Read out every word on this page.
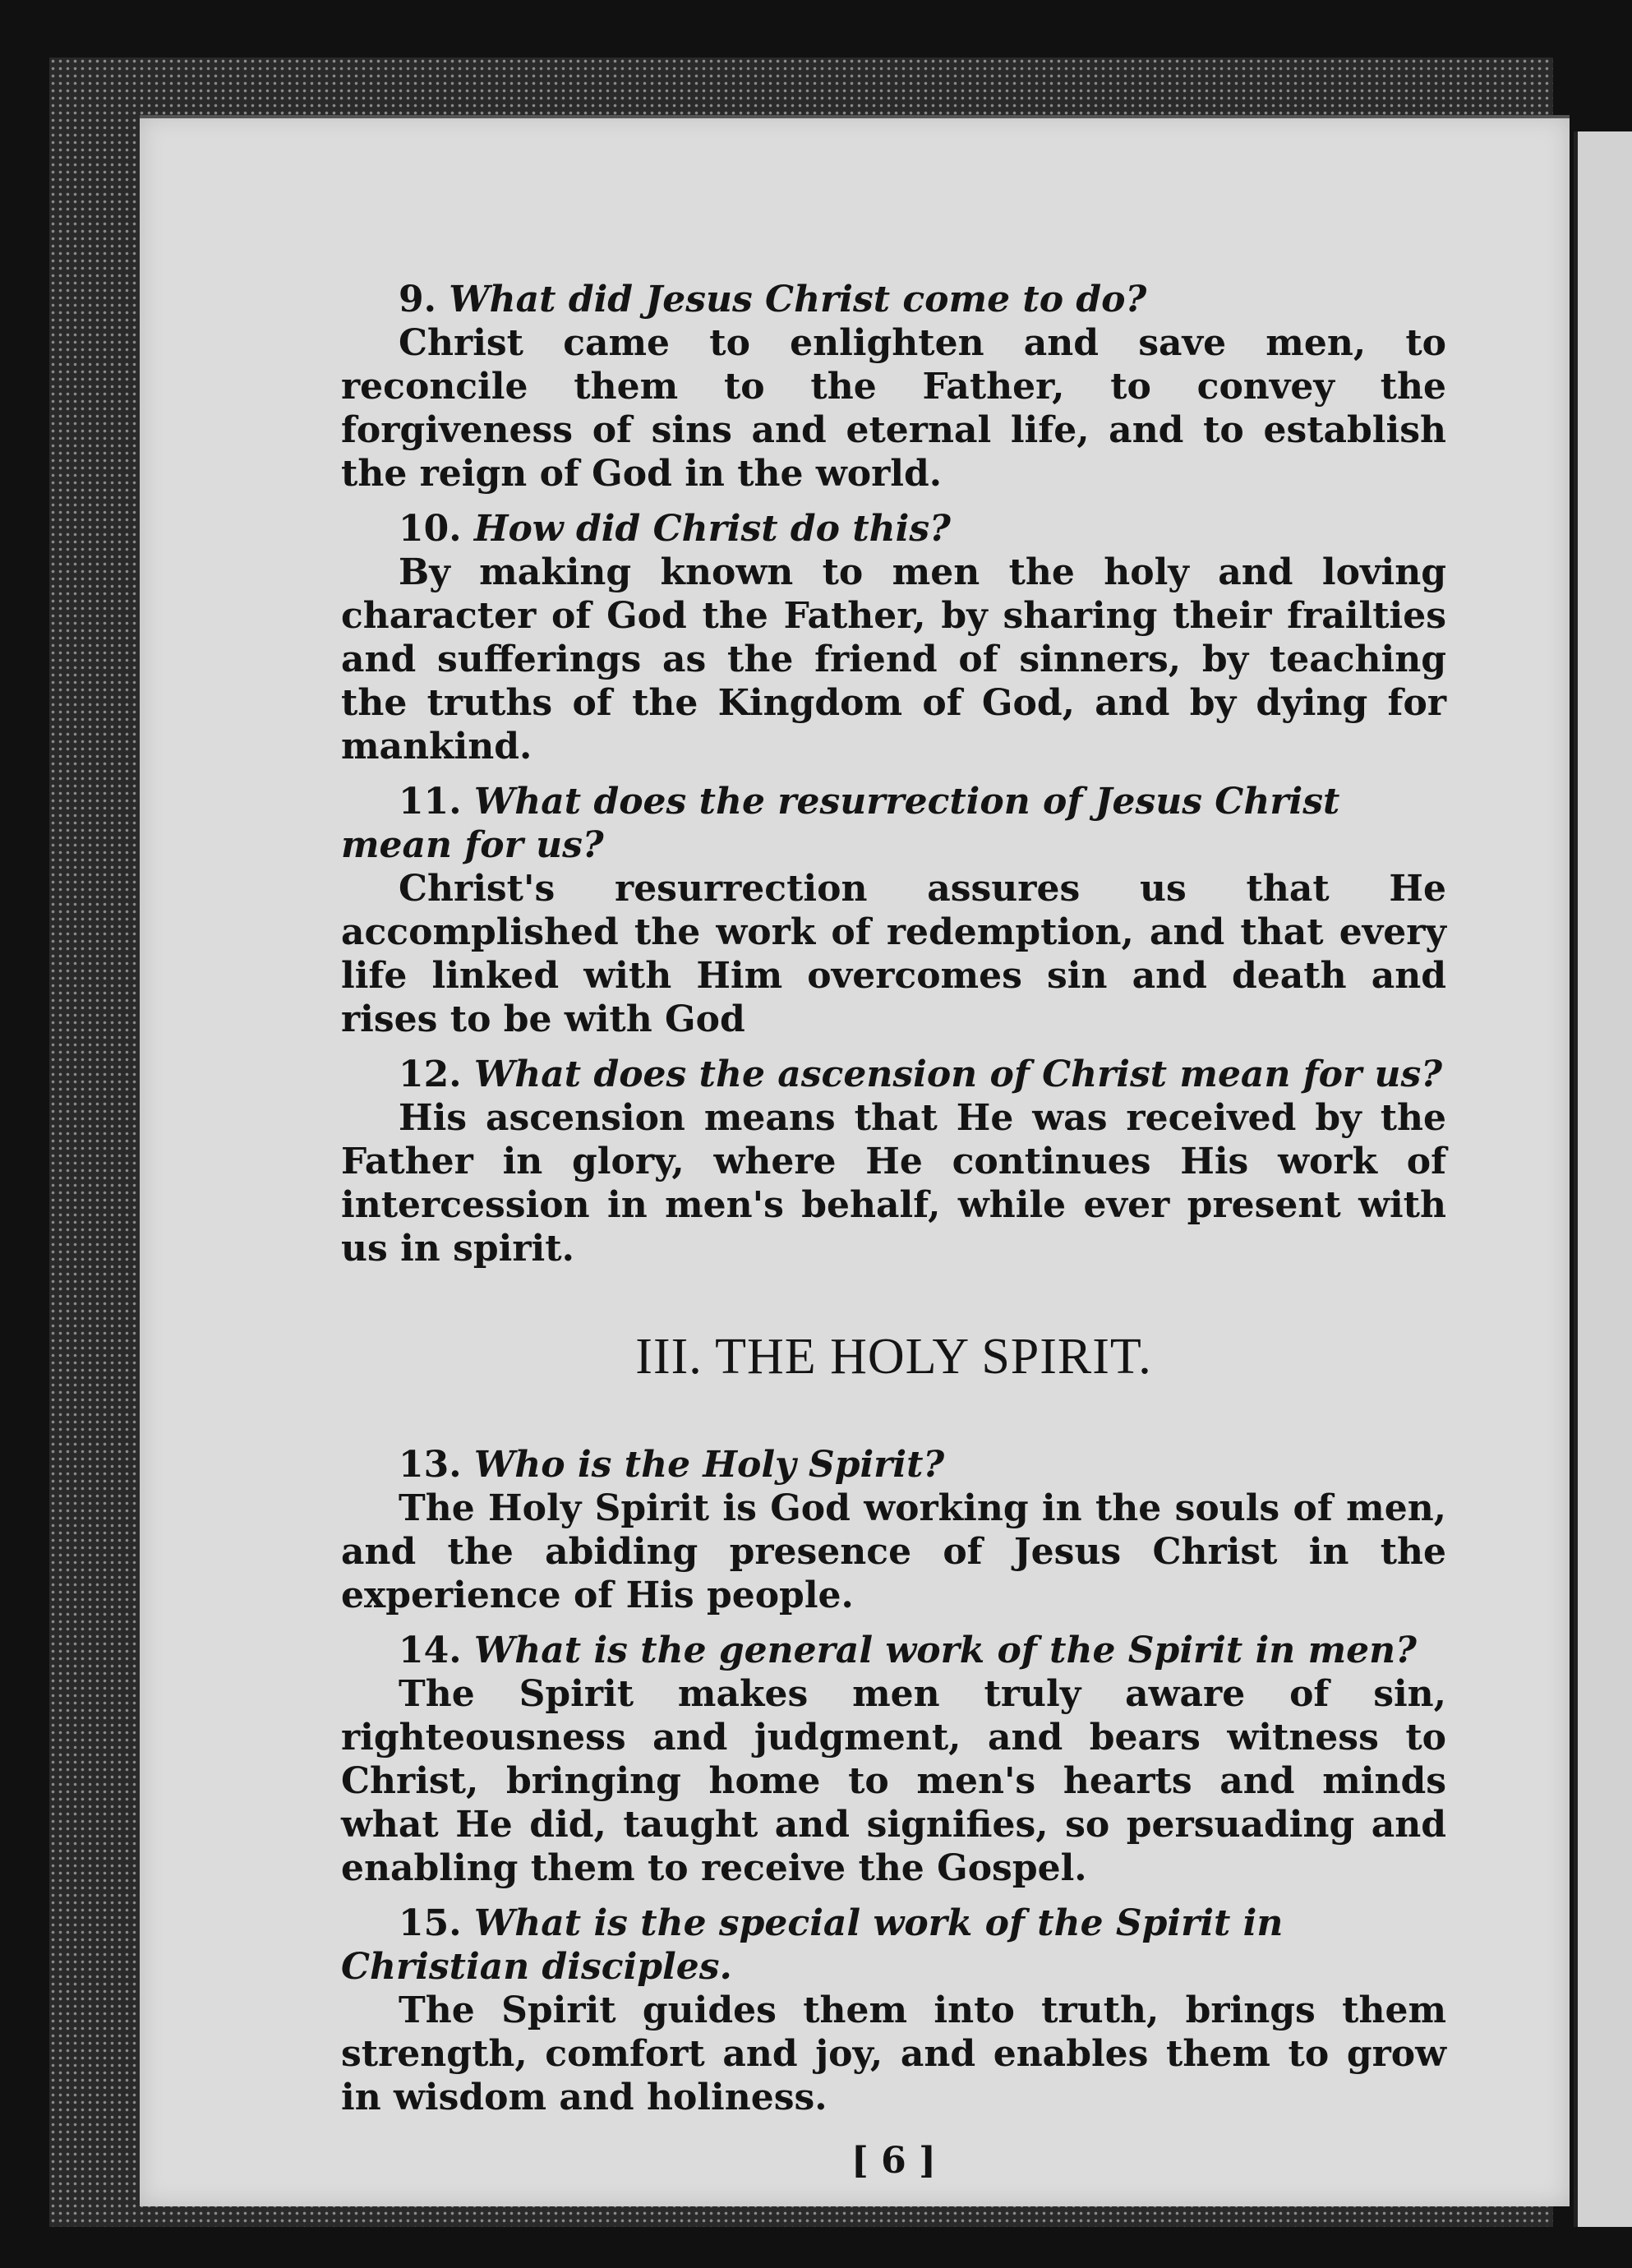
9. What did Jesus Christ come to do?

Christ came to enlighten and save men, to reconcile them to the Father, to convey the forgiveness of sins and eternal life, and to establish the reign of God in the world.

10. How did Christ do this?

By making known to men the holy and loving character of God the Father, by sharing their frailties and sufferings as the friend of sinners, by teaching the truths of the Kingdom of God, and by dying for mankind.

11. What does the resurrection of Jesus Christ mean for us?

Christ's resurrection assures us that He accomplished the work of redemption, and that every life linked with Him overcomes sin and death and rises to be with God

12. What does the ascension of Christ mean for us?

His ascension means that He was received by the Father in glory, where He continues His work of intercession in men's behalf, while ever present with us in spirit.

III. THE HOLY SPIRIT.

13. Who is the Holy Spirit?

The Holy Spirit is God working in the souls of men, and the abiding presence of Jesus Christ in the experience of His people.

14. What is the general work of the Spirit in men?

The Spirit makes men truly aware of sin, righteousness and judgment, and bears witness to Christ, bringing home to men's hearts and minds what He did, taught and signifies, so persuading and enabling them to receive the Gospel.

15. What is the special work of the Spirit in Christian disciples.

The Spirit guides them into truth, brings them strength, comfort and joy, and enables them to grow in wisdom and holiness.

[ 6 ]
